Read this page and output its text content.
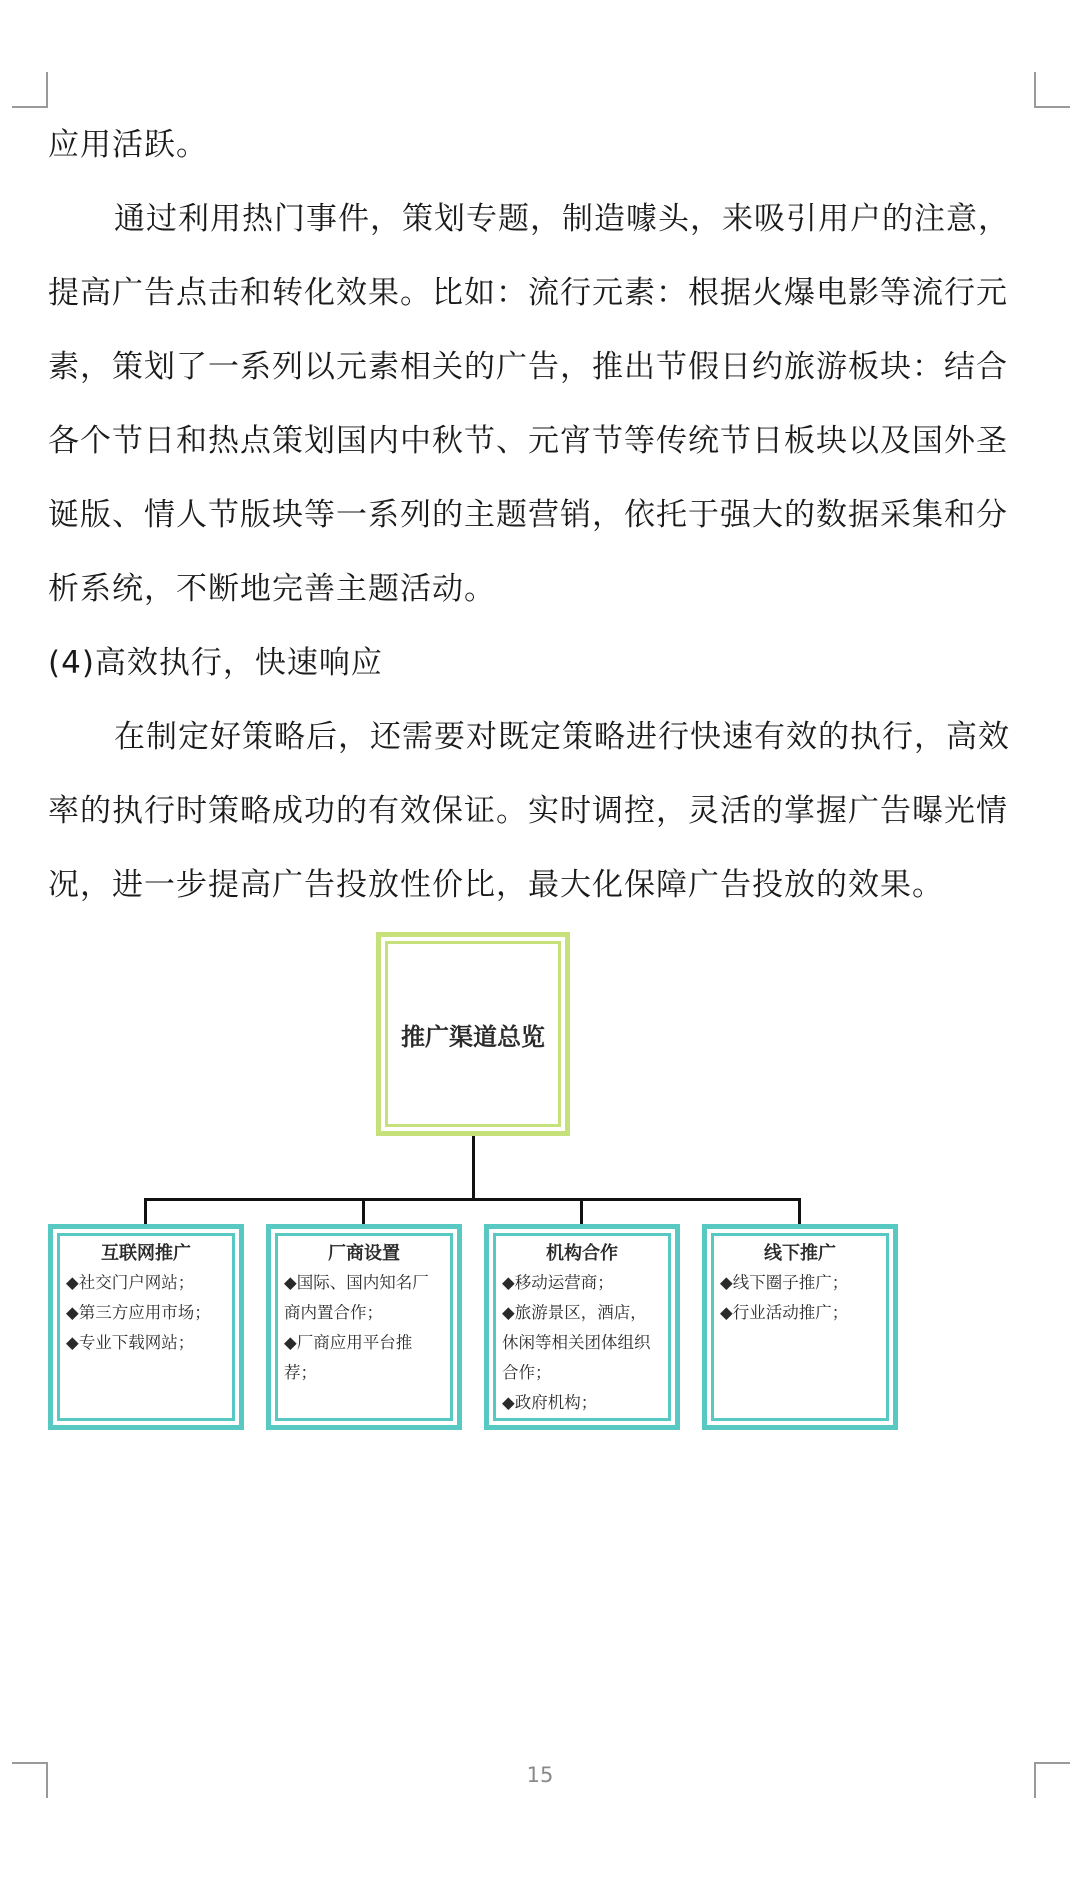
应用活跃。

通过利用热门事件，策划专题，制造噱头，来吸引用户的注意，提高广告点击和转化效果。比如：流行元素：根据火爆电影等流行元素，策划了一系列以元素相关的广告，推出节假日约旅游板块：结合各个节日和热点策划国内中秋节、元宵节等传统节日板块以及国外圣诞版、情人节版块等一系列的主题营销，依托于强大的数据采集和分析系统，不断地完善主题活动。

(4)高效执行，快速响应

在制定好策略后，还需要对既定策略进行快速有效的执行，高效率的执行时策略成功的有效保证。实时调控，灵活的掌握广告曝光情况，进一步提高广告投放性价比，最大化保障广告投放的效果。

推广渠道总览
互联网推广
◆社交门户网站；
◆第三方应用市场；
◆专业下载网站；
厂商设置
◆国际、国内知名厂商内置合作；
◆厂商应用平台推荐；
机构合作
◆移动运营商；
◆旅游景区，酒店，休闲等相关团体组织合作；
◆政府机构；
线下推广
◆线下圈子推广；
◆行业活动推广；
15
